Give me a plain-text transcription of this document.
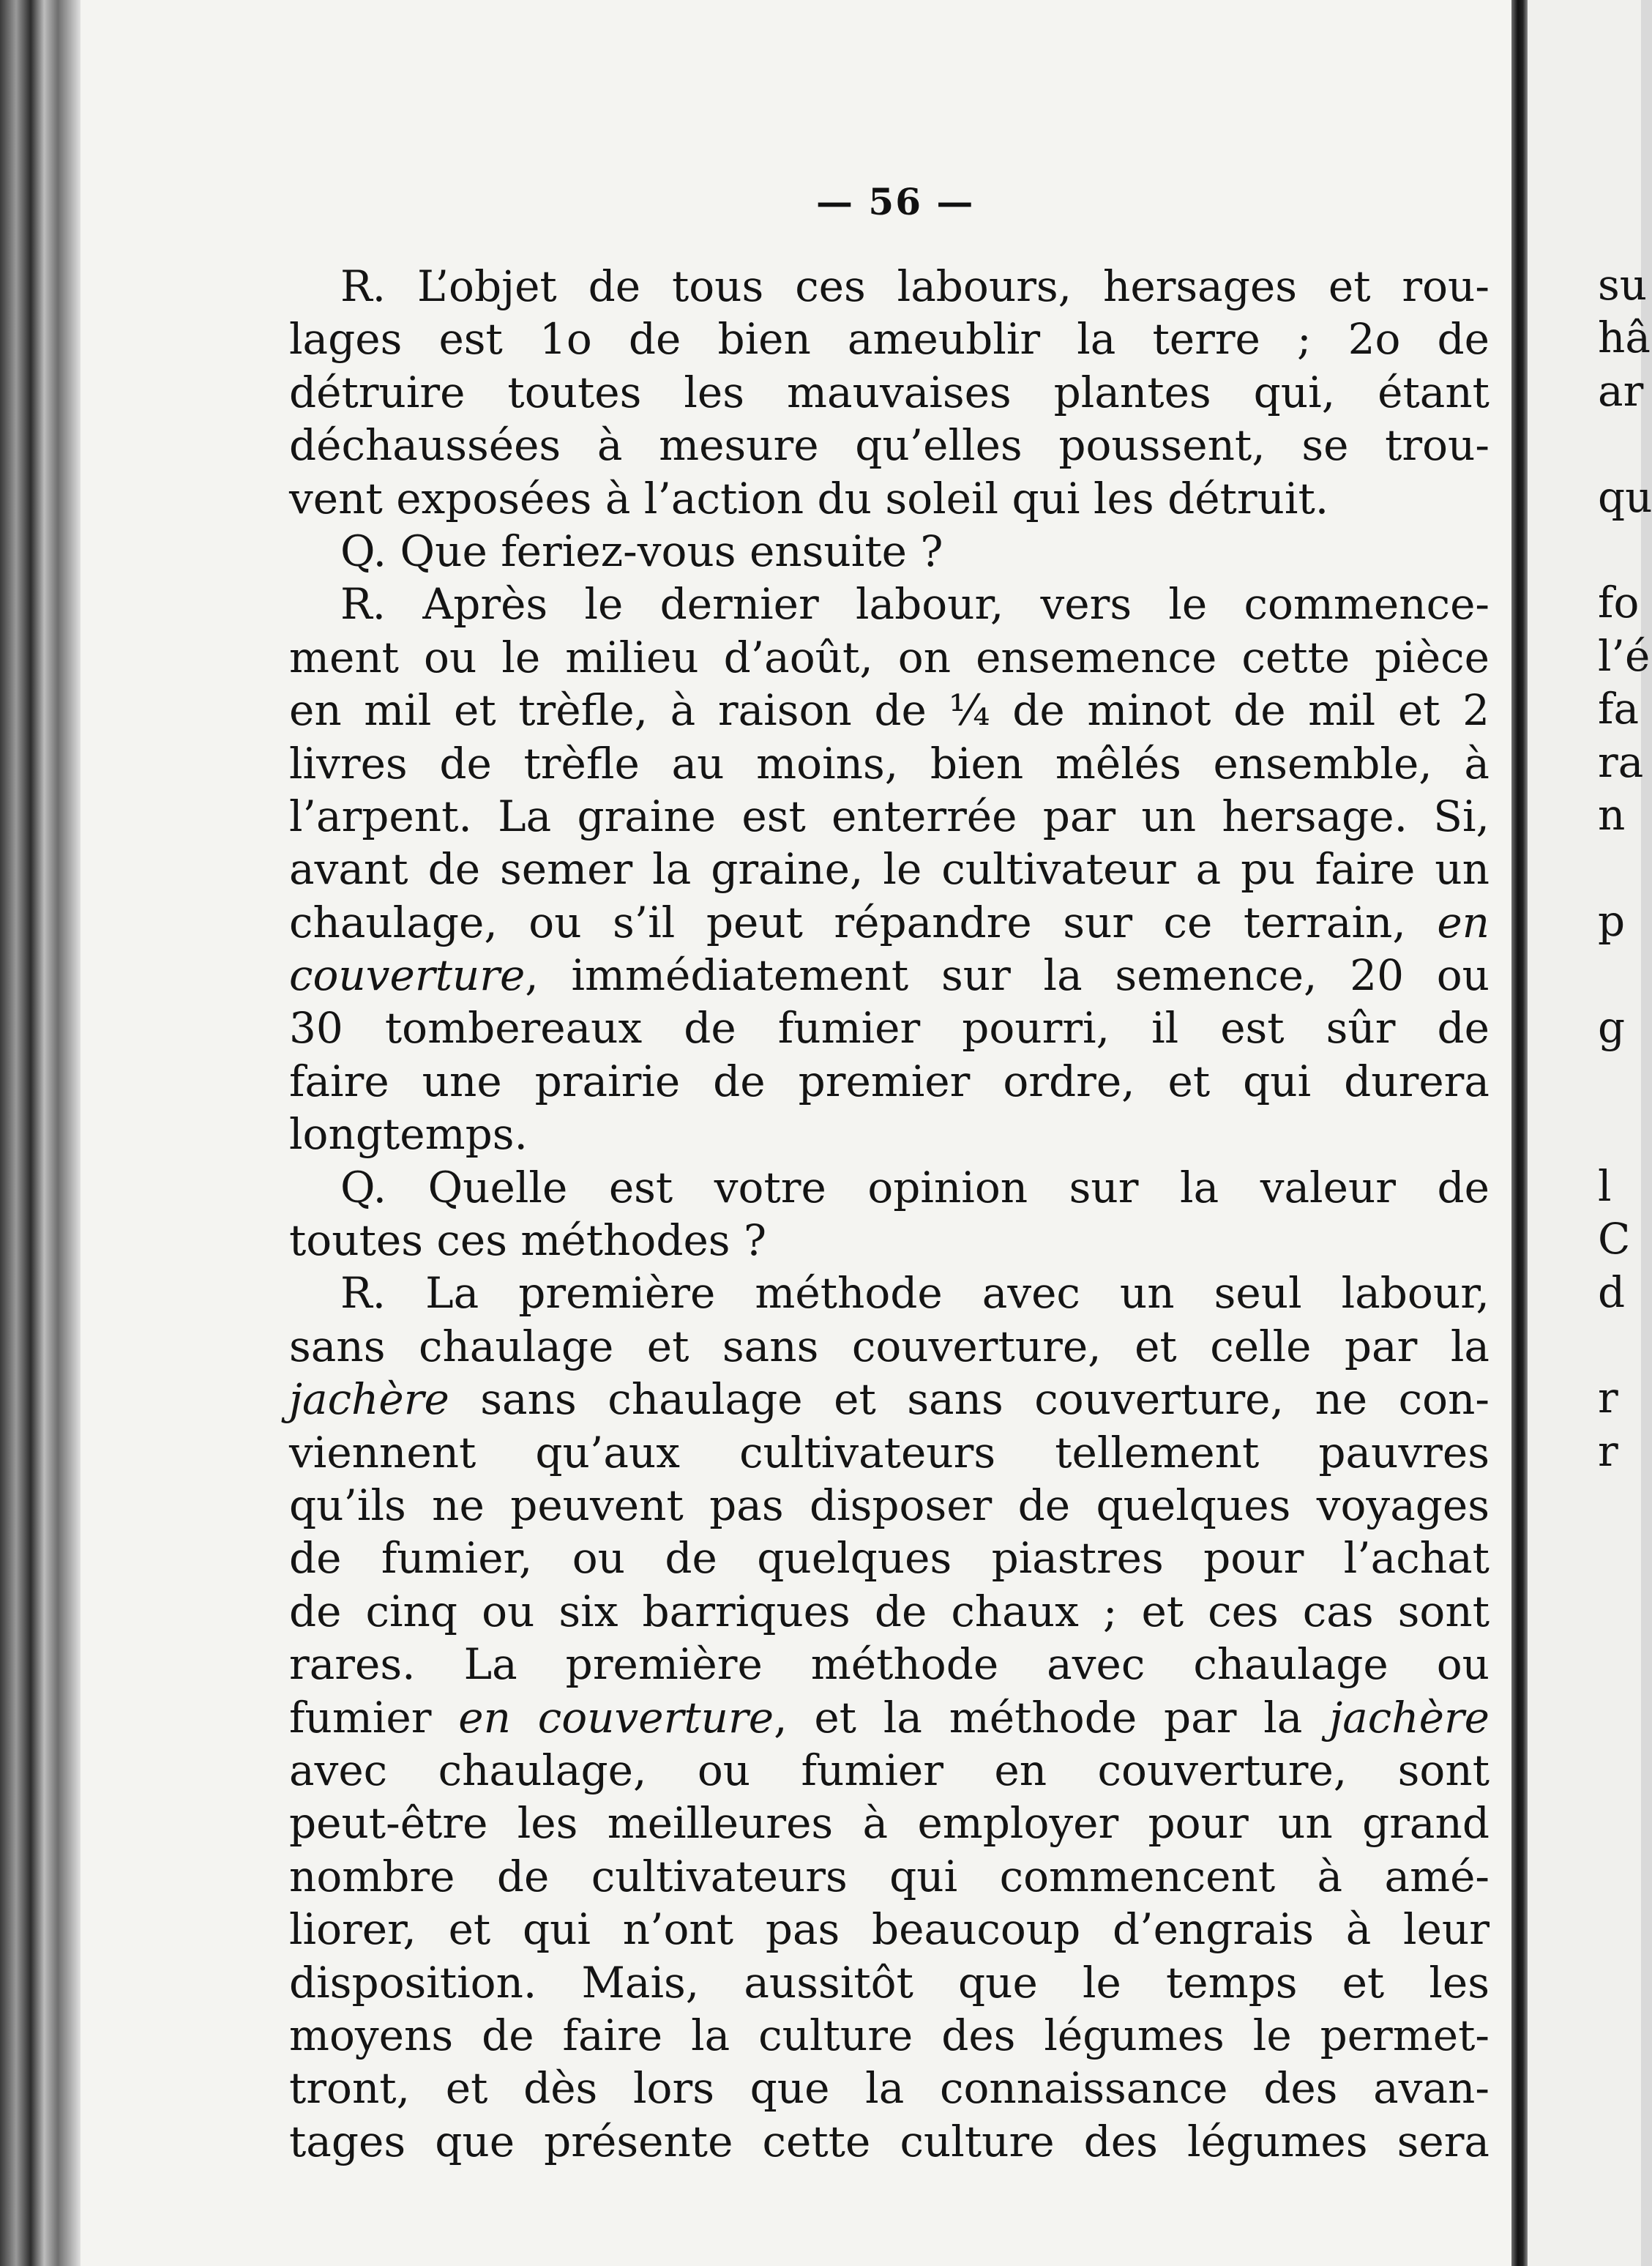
— 56 —
R. L’objet de tous ces labours, hersages et rou-
lages est 1o de bien ameublir la terre ; 2o de
détruire toutes les mauvaises plantes qui, étant
déchaussées à mesure qu’elles poussent, se trou-
vent exposées à l’action du soleil qui les détruit.
Q. Que feriez-vous ensuite ?
R. Après le dernier labour, vers le commence-
ment ou le milieu d’août, on ensemence cette pièce
en mil et trèfle, à raison de ¼ de minot de mil et 2
livres de trèfle au moins, bien mêlés ensemble, à
l’arpent. La graine est enterrée par un hersage. Si,
avant de semer la graine, le cultivateur a pu faire un
chaulage, ou s’il peut répandre sur ce terrain, en
couverture, immédiatement sur la semence, 20 ou
30 tombereaux de fumier pourri, il est sûr de
faire une prairie de premier ordre, et qui durera
longtemps.
Q. Quelle est votre opinion sur la valeur de
toutes ces méthodes ?
R. La première méthode avec un seul labour,
sans chaulage et sans couverture, et celle par la
jachère sans chaulage et sans couverture, ne con-
viennent qu’aux cultivateurs tellement pauvres
qu’ils ne peuvent pas disposer de quelques voyages
de fumier, ou de quelques piastres pour l’achat
de cinq ou six barriques de chaux ; et ces cas sont
rares. La première méthode avec chaulage ou
fumier en couverture, et la méthode par la jachère
avec chaulage, ou fumier en couverture, sont
peut-être les meilleures à employer pour un grand
nombre de cultivateurs qui commencent à amé-
liorer, et qui n’ont pas beaucoup d’engrais à leur
disposition. Mais, aussitôt que le temps et les
moyens de faire la culture des légumes le permet-
tront, et dès lors que la connaissance des avan-
tages que présente cette culture des légumes sera
su
hâ
ar
qu
fo
l’é
fa
ra
n
p
g
l
C
d
r
r
